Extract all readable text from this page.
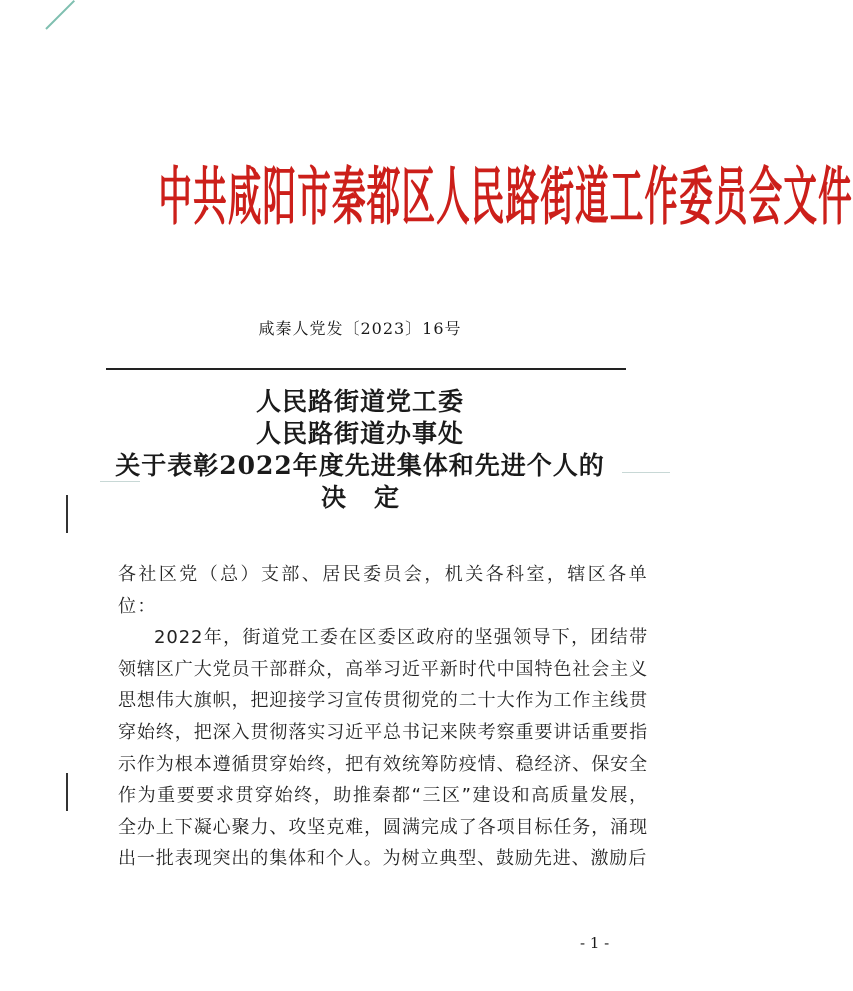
中共咸阳市秦都区人民路街道工作委员会文件
咸秦人党发〔2023〕16号
人民路街道党工委
人民路街道办事处
关于表彰2022年度先进集体和先进个人的
决定

各社区党（总）支部、居民委员会，机关各科室，辖区各单位：

2022年，街道党工委在区委区政府的坚强领导下，团结带领辖区广大党员干部群众，高举习近平新时代中国特色社会主义思想伟大旗帜，把迎接学习宣传贯彻党的二十大作为工作主线贯穿始终，把深入贯彻落实习近平总书记来陕考察重要讲话重要指示作为根本遵循贯穿始终，把有效统筹防疫情、稳经济、保安全作为重要要求贯穿始终，助推秦都“三区”建设和高质量发展，全办上下凝心聚力、攻坚克难，圆满完成了各项目标任务，涌现出一批表现突出的集体和个人。为树立典型、鼓励先进、激励后

- 1 -
